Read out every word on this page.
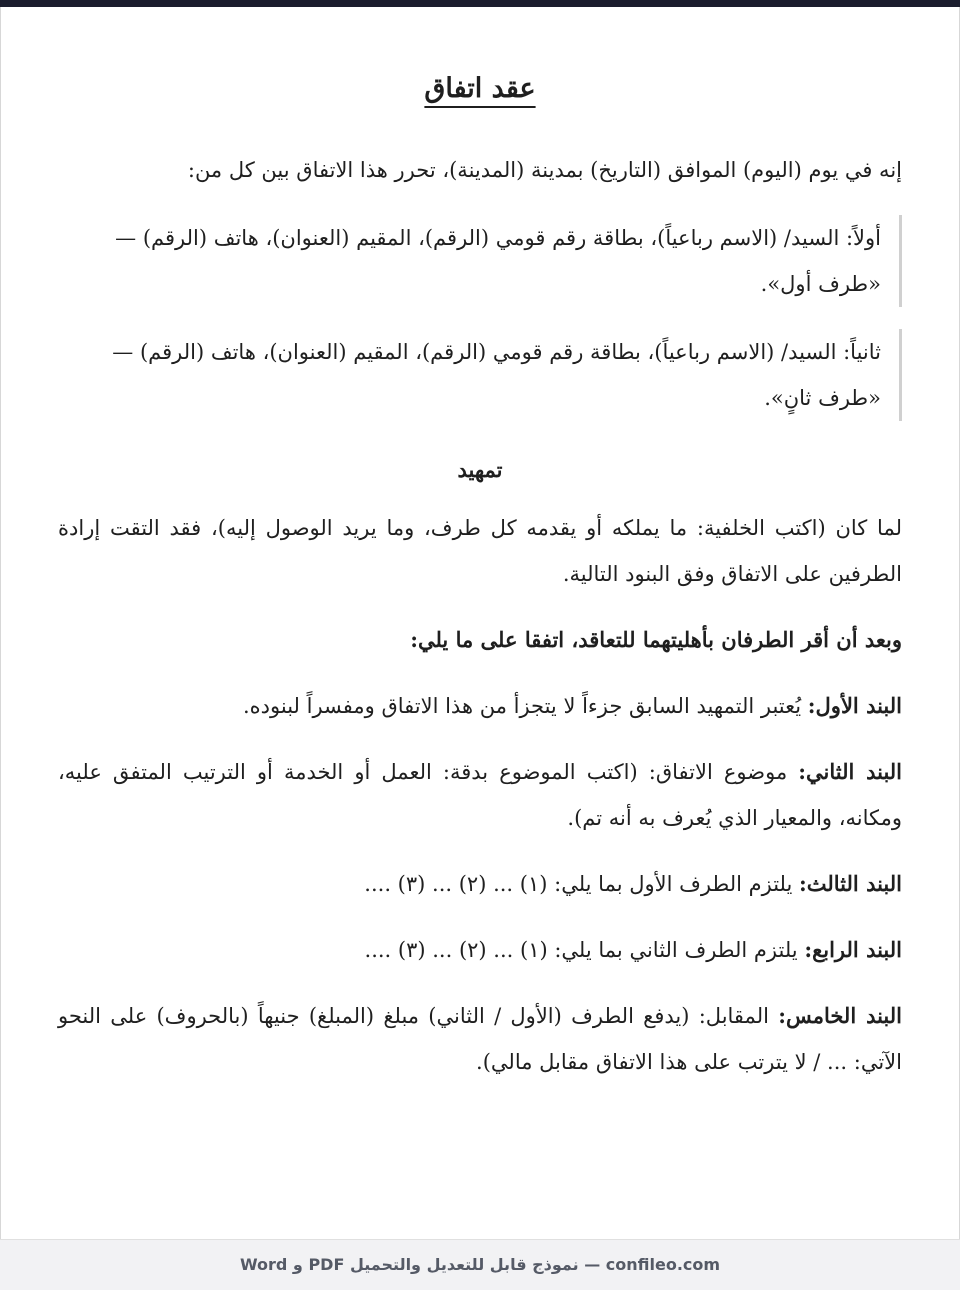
عقد اتفاق

إنه في يوم (اليوم) الموافق (التاريخ) بمدينة (المدينة)، تحرر هذا الاتفاق بين كل من:

أولاً: السيد/ (الاسم رباعياً)، بطاقة رقم قومي (الرقم)، المقيم (العنوان)، هاتف (الرقم) — «طرف أول».

ثانياً: السيد/ (الاسم رباعياً)، بطاقة رقم قومي (الرقم)، المقيم (العنوان)، هاتف (الرقم) — «طرف ثانٍ».

تمهيد

لما كان (اكتب الخلفية: ما يملكه أو يقدمه كل طرف، وما يريد الوصول إليه)، فقد التقت إرادة الطرفين على الاتفاق وفق البنود التالية.

وبعد أن أقر الطرفان بأهليتهما للتعاقد، اتفقا على ما يلي:

البند الأول: يُعتبر التمهيد السابق جزءاً لا يتجزأ من هذا الاتفاق ومفسراً لبنوده.

البند الثاني: موضوع الاتفاق: (اكتب الموضوع بدقة: العمل أو الخدمة أو الترتيب المتفق عليه، ومكانه، والمعيار الذي يُعرف به أنه تم).

البند الثالث: يلتزم الطرف الأول بما يلي: (١) ... (٢) ... (٣) ....

البند الرابع: يلتزم الطرف الثاني بما يلي: (١) ... (٢) ... (٣) ....

البند الخامس: المقابل: (يدفع الطرف (الأول / الثاني) مبلغ (المبلغ) جنيهاً (بالحروف) على النحو الآتي: ... / لا يترتب على هذا الاتفاق مقابل مالي).

confileo.com — نموذج قابل للتعديل والتحميل PDF و Word
